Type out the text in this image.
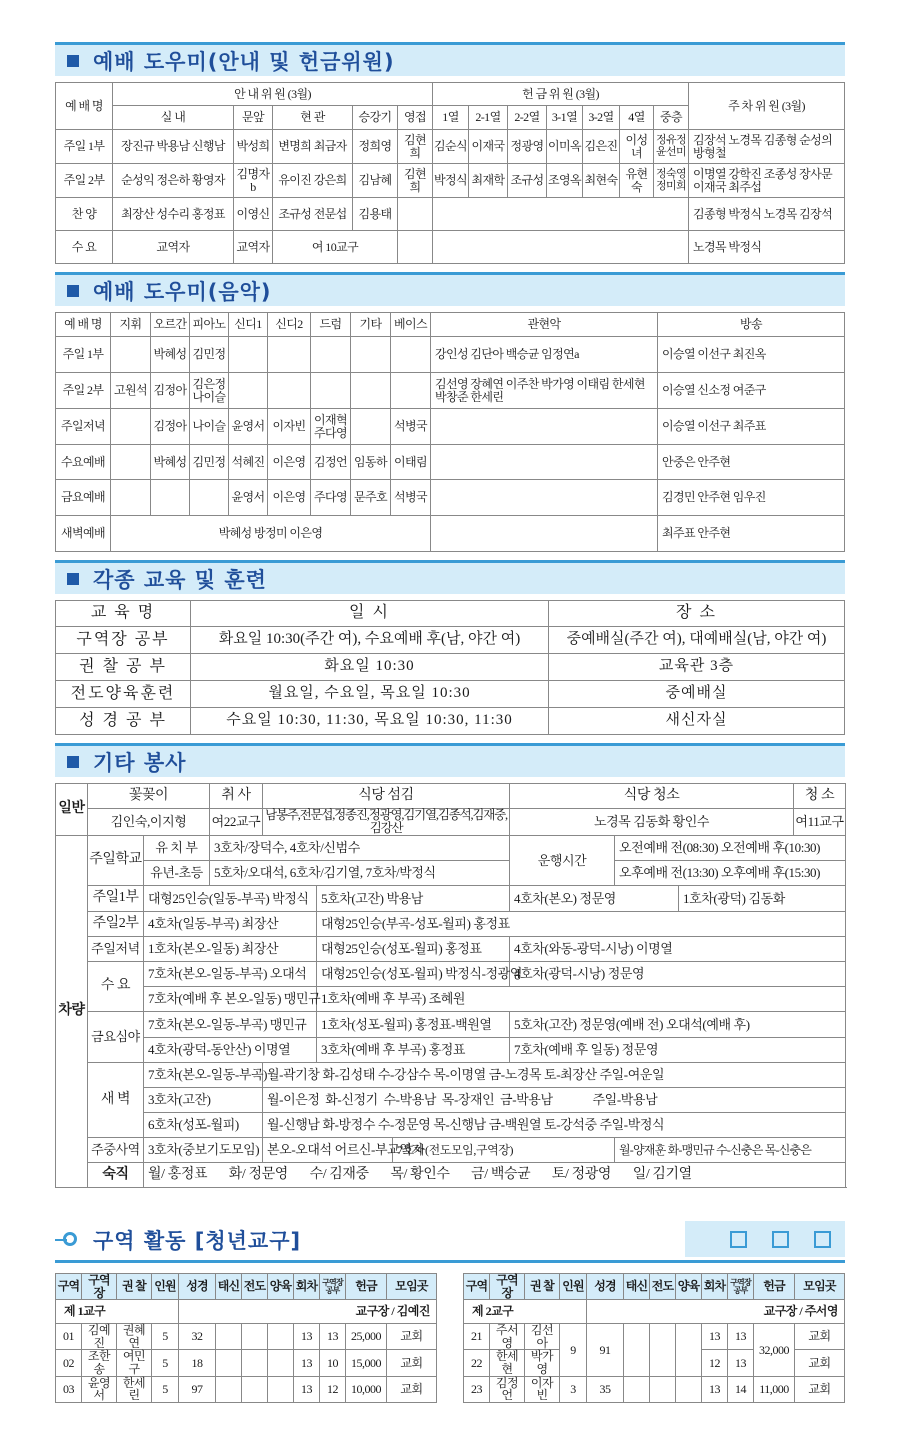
예배 도우미(안내 및 헌금위원)
예 배 명	안 내 위 원 (3월)					헌 금 위 원 (3월)							주 차 위 원 (3월)
	실 내	문앞	현 관	승강기	영접	1열	2-1열	2-2열	3-1열	3-2열	4열	중층	
주일 1부	장진규 박용남 신행남	박성희	변명희 최금자	정희영	김현희	김순식	이재국	정광영	이미옥	김은진	이성녀	정유정 윤선미	김장석 노경목 김종형 순성의 방형철
주일 2부	순성익 정은하 황영자	김명자b	유이진 강은희	김남혜	김현희	박정식	최재학	조규성	조영옥	최현숙	유현숙	정숙영 정미희	이명열 강학진 조종성 장사문 이재국 최주섭
찬 양	최장산 성수리 홍정표	이영신	조규성 전문섭	김용태									김종형 박정식 노경목 김장석
수 요	교역자	교역자	여 10교구										노경목 박정식
예배 도우미(음악)
예 배 명	지휘	오르간	피아노	신디1	신디2	드럼	기타	베이스	관현악	방송
주일 1부		박혜성	김민정						강인성 김단아 백승균 임정연a	이승열 이선구 최진옥
주일 2부	고원석	김정아	김은정 나이슬						김선영 장혜연 이주찬 박가영 이태림 한세현 박창준 한세린	이승열 신소정 여준구
주일저녁		김정아	나이슬	윤영서	이자빈	이재혁 주다영		석병국		이승열 이선구 최주표
수요예배		박혜성	김민정	석혜진	이은영	김정언	임동하	이태림		안중은 안주현
금요예배				윤영서	이은영	주다영	문주호	석병국		김경민 안주현 임우진
새벽예배	박혜성 방정미 이은영									최주표 안주현
각종 교육 및 훈련
교 육 명	일 시	장 소
구역장 공부	화요일 10:30(주간 여), 수요예배 후(남, 야간 여)	중예배실(주간 여), 대예배실(남, 야간 여)
권 찰 공 부	화요일 10:30	교육관 3층
전도양육훈련	월요일, 수요일, 목요일 10:30	중예배실
성 경 공 부	수요일 10:30, 11:30, 목요일 10:30, 11:30	새신자실
기타 봉사
일반	꽃꽂이		취 사	식당 섬김			식당 청소			청 소
	김인숙,이지형		여22교구	남봉주,전문섭,정종진,정광영,김기열,김종석,김재중,김강산			노경목 김동화 황인수			여11교구
차량	주일학교	유 치 부	3호차/장덕수, 4호차/신범수				운행시간	오전예배 전(08:30) 오전예배 후(10:30)		
		유년-초등	5호차/오대석, 6호차/김기열, 7호차/박정식					오후예배 전(13:30) 오후예배 후(15:30)		
	주일1부	대형25인승(일동-부곡) 박정식			5호차(고잔) 박용남		4호차(본오) 정문영		1호차(광덕) 김동화	
	주일2부	4호차(일동-부곡) 최장산			대형25인승(부곡-성포-월피) 홍정표					
	주일저녁	1호차(본오-일동) 최장산			대형25인승(성포-월피) 홍정표		4호차(와동-광덕-시낭) 이명열			
	수 요	7호차(본오-일동-부곡) 오대석			대형25인승(성포-월피) 박정식-정광영		4호차(광덕-시낭) 정문영			
		7호차(예배 후 본오-일동) 맹민규			1호차(예배 후 부곡) 조혜원					
	금요심야	7호차(본오-일동-부곡) 맹민규			1호차(성포-월피) 홍정표-백원열		5호차(고잔) 정문영(예배 전) 오대석(예배 후)			
		4호차(광덕-동안산) 이명열			3호차(예배 후 부곡) 홍정표		7호차(예배 후 일동) 정문영			
	새 벽	7호차(본오-일동-부곡)		월-곽기창 화-김성태 수-강삼수 목-이명열 금-노경목 토-최장산 주일-여운일						
		3호차(고잔)		월-이은정  화-신정기  수-박용남  목-장재인  금-박용남              주일-박용남						
		6호차(성포-월피)		월-신행남 화-방정수 수-정문영 목-신행남 금-백원열 토-강석중 주일-박정식						
	주중사역	3호차(중보기도모임)		본오-오대석 어르신-부교역자		7호차(전도모임,구역장)		월-양재훈 화-맹민규 수-신충은 목-신충은		
	숙직	월/ 홍정표       화/ 정문영       수/ 김재중       목/ 황인수       금/ 백승균       토/ 정광영       일/ 김기열								
구역 활동 [청년교구]
구역	구역장	권 찰	인원	성경	태신	전도	양육	회차	구역장공부	헌금	모임곳
제 1교구				교구장 / 김예진							
01	김예진	권혜연	5	32				13	13	25,000	교회
02	조한송	여민구	5	18				13	10	15,000	교회
03	윤영서	한세린	5	97				13	12	10,000	교회
구역	구역장	권 찰	인원	성경	태신	전도	양육	회차	구역장공부	헌금	모임곳
제 2교구				교구장 / 주서영							
21	주서영	김선아	9	91				13	13	32,000	교회
22	한세현	박가영						12	13		교회
23	김정언	이자빈	3	35				13	14	11,000	교회
